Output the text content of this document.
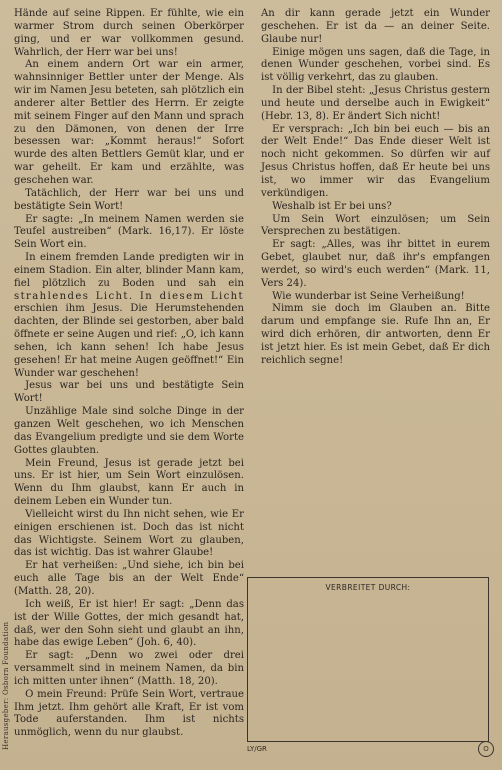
Hände auf seine Rippen. Er fühlte, wie ein warmer Strom durch seinen Oberkörper ging, und er war vollkommen gesund. Wahrlich, der Herr war bei uns!

An einem andern Ort war ein armer, wahnsinniger Bettler unter der Menge. Als wir im Namen Jesu beteten, sah plötzlich ein anderer alter Bettler des Herrn. Er zeigte mit seinem Finger auf den Mann und sprach zu den Dämonen, von denen der Irre besessen war: „Kommt heraus!“ Sofort wurde des alten Bettlers Gemüt klar, und er war geheilt. Er kam und erzählte, was geschehen war.

Tatächlich, der Herr war bei uns und bestätigte Sein Wort!

Er sagte: „In meinem Namen werden sie Teufel austreiben“ (Mark. 16,17). Er löste Sein Wort ein.

In einem fremden Lande predigten wir in einem Stadion. Ein alter, blinder Mann kam, fiel plötzlich zu Boden und sah ein strahlendes Licht. In diesem Licht erschien ihm Jesus. Die Herumstehenden dachten, der Blinde sei gestorben, aber bald öffnete er seine Augen und rief: „O, ich kann sehen, ich kann sehen! Ich habe Jesus gesehen! Er hat meine Augen geöffnet!“ Ein Wunder war geschehen!

Jesus war bei uns und bestätigte Sein Wort!

Unzählige Male sind solche Dinge in der ganzen Welt geschehen, wo ich Menschen das Evangelium predigte und sie dem Worte Gottes glaubten.

Mein Freund, Jesus ist gerade jetzt bei uns. Er ist hier, um Sein Wort einzulösen. Wenn du Ihm glaubst, kann Er auch in deinem Leben ein Wunder tun.

Vielleicht wirst du Ihn nicht sehen, wie Er einigen erschienen ist. Doch das ist nicht das Wichtigste. Seinem Wort zu glauben, das ist wichtig. Das ist wahrer Glaube!

Er hat verheißen: „Und siehe, ich bin bei euch alle Tage bis an der Welt Ende“ (Matth. 28, 20).

Ich weiß, Er ist hier! Er sagt: „Denn das ist der Wille Gottes, der mich gesandt hat, daß, wer den Sohn sieht und glaubt an ihn, habe das ewige Leben“ (Joh. 6, 40).

Er sagt: „Denn wo zwei oder drei versammelt sind in meinem Namen, da bin ich mitten unter ihnen“ (Matth. 18, 20).

O mein Freund: Prüfe Sein Wort, vertraue Ihm jetzt. Ihm gehört alle Kraft, Er ist vom Tode auferstanden. Ihm ist nichts unmöglich, wenn du nur glaubst.

An dir kann gerade jetzt ein Wunder geschehen. Er ist da — an deiner Seite. Glaube nur!

Einige mögen uns sagen, daß die Tage, in denen Wunder geschehen, vorbei sind. Es ist völlig verkehrt, das zu glauben.

In der Bibel steht: „Jesus Christus gestern und heute und derselbe auch in Ewigkeit“ (Hebr. 13, 8). Er ändert Sich nicht!

Er versprach: „Ich bin bei euch — bis an der Welt Ende!“ Das Ende dieser Welt ist noch nicht gekommen. So dürfen wir auf Jesus Christus hoffen, daß Er heute bei uns ist, wo immer wir das Evangelium verkündigen.

Weshalb ist Er bei uns?

Um Sein Wort einzulösen; um Sein Versprechen zu bestätigen.

Er sagt: „Alles, was ihr bittet in eurem Gebet, glaubet nur, daß ihr's empfangen werdet, so wird's euch werden“ (Mark. 11, Vers 24).

Wie wunderbar ist Seine Verheißung!

Nimm sie doch im Glauben an. Bitte darum und empfange sie. Rufe Ihn an, Er wird dich erhören, dir antworten, denn Er ist jetzt hier. Es ist mein Gebet, daß Er dich reichlich segne!

Herausgeber: Osborn Foundation
VERBREITET DURCH:
LY/GR	O
